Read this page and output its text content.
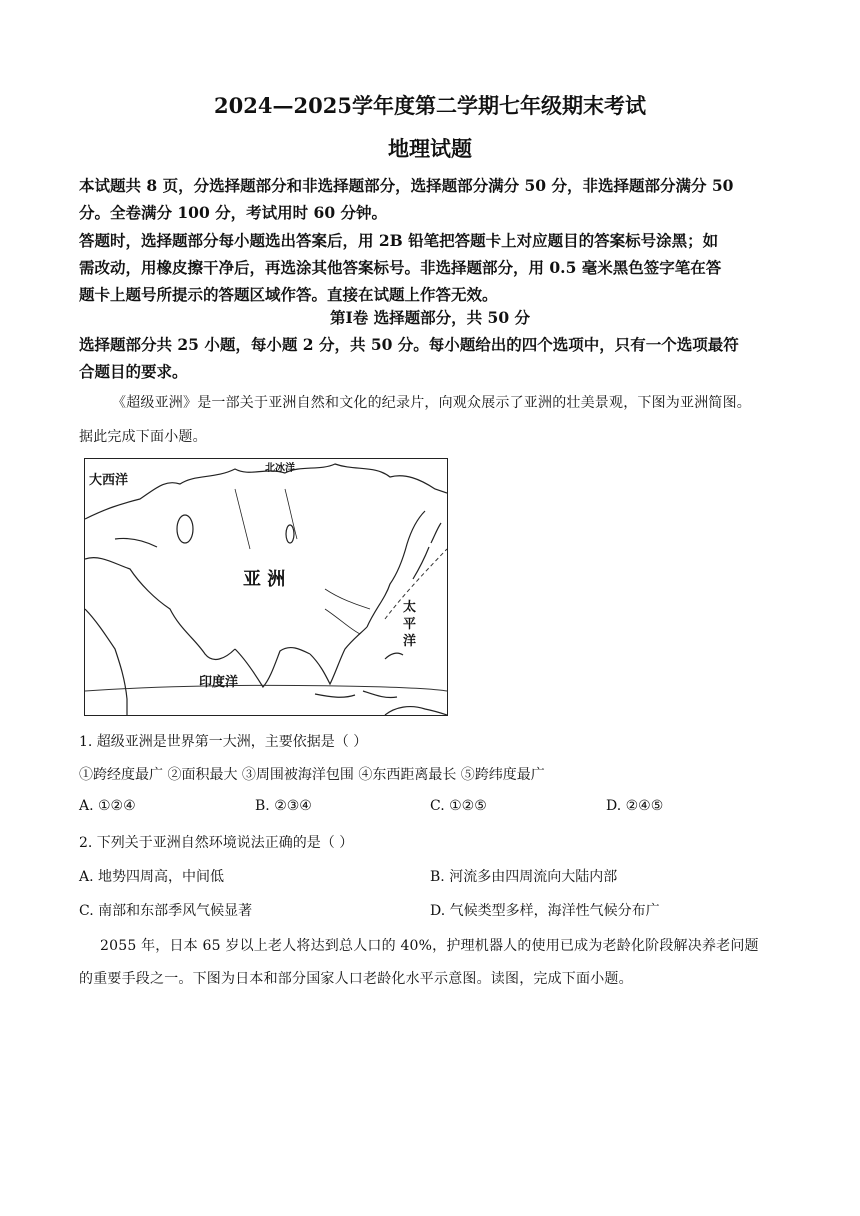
2024—2025学年度第二学期七年级期末考试
地理试题
本试题共 8 页，分选择题部分和非选择题部分，选择题部分满分 50 分，非选择题部分满分 50
分。全卷满分 100 分，考试用时 60 分钟。
答题时，选择题部分每小题选出答案后，用 2B 铅笔把答题卡上对应题目的答案标号涂黑；如
需改动，用橡皮擦干净后，再选涂其他答案标号。非选择题部分，用 0.5 毫米黑色签字笔在答
题卡上题号所提示的答题区域作答。直接在试题上作答无效。
第Ⅰ卷 选择题部分，共 50 分
选择题部分共 25 小题，每小题 2 分，共 50 分。每小题给出的四个选项中，只有一个选项最符
合题目的要求。
《超级亚洲》是一部关于亚洲自然和文化的纪录片，向观众展示了亚洲的壮美景观，下图为亚洲简图。
据此完成下面小题。
大西洋
北冰洋
亚 洲
太
平
洋
印度洋
1. 超级亚洲是世界第一大洲，主要依据是（ ）
①跨经度最广 ②面积最大 ③周围被海洋包围 ④东西距离最长 ⑤跨纬度最广
A. ①②④	B. ②③④	C. ①②⑤	D. ②④⑤
2. 下列关于亚洲自然环境说法正确的是（ ）
A. 地势四周高，中间低	B. 河流多由四周流向大陆内部
C. 南部和东部季风气候显著	D. 气候类型多样，海洋性气候分布广
2055 年，日本 65 岁以上老人将达到总人口的 40%，护理机器人的使用已成为老龄化阶段解决养老问题
的重要手段之一。下图为日本和部分国家人口老龄化水平示意图。读图，完成下面小题。
